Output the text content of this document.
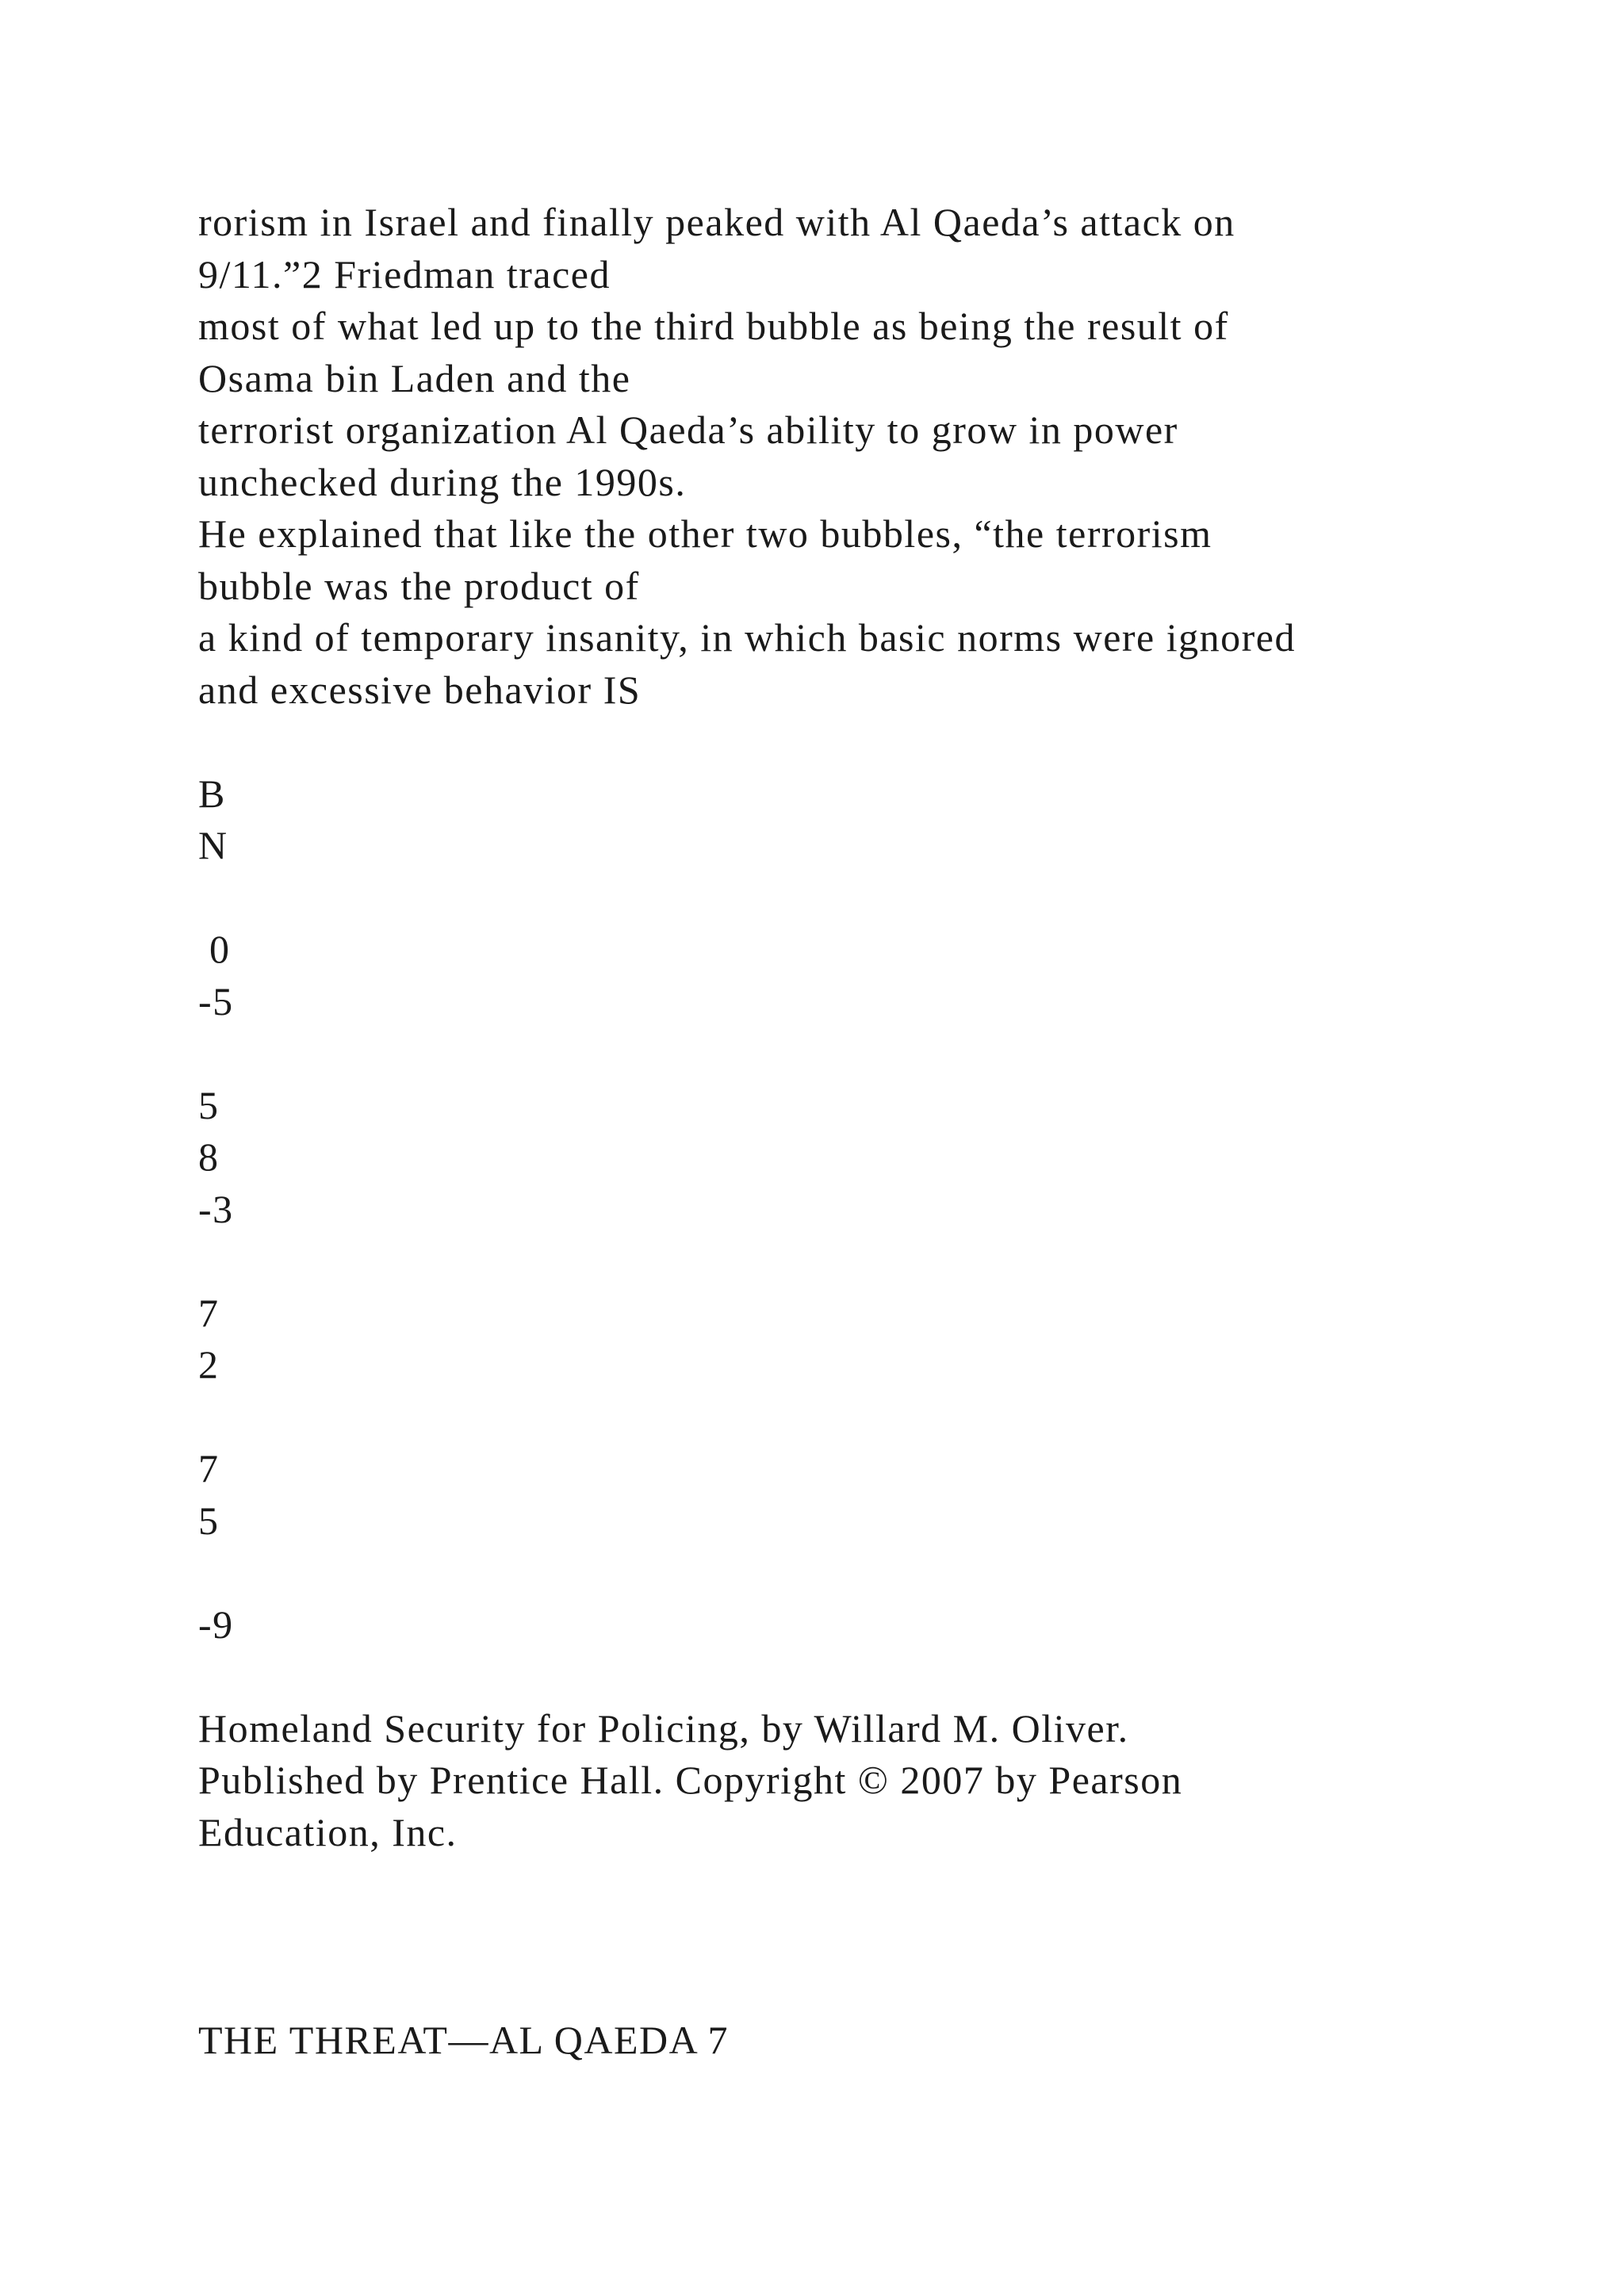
rorism in Israel and finally peaked with Al Qaeda’s attack on
9/11.”2 Friedman traced
most of what led up to the third bubble as being the result of
Osama bin Laden and the
terrorist organization Al Qaeda’s ability to grow in power
unchecked during the 1990s.
He explained that like the other two bubbles, “the terrorism
bubble was the product of
a kind of temporary insanity, in which basic norms were ignored
and excessive behavior IS
B
N
0
-5
5
8
-3
7
2
7
5
-9
Homeland Security for Policing, by Willard M. Oliver.
Published by Prentice Hall. Copyright © 2007 by Pearson
Education, Inc.
THE THREAT—AL QAEDA 7
